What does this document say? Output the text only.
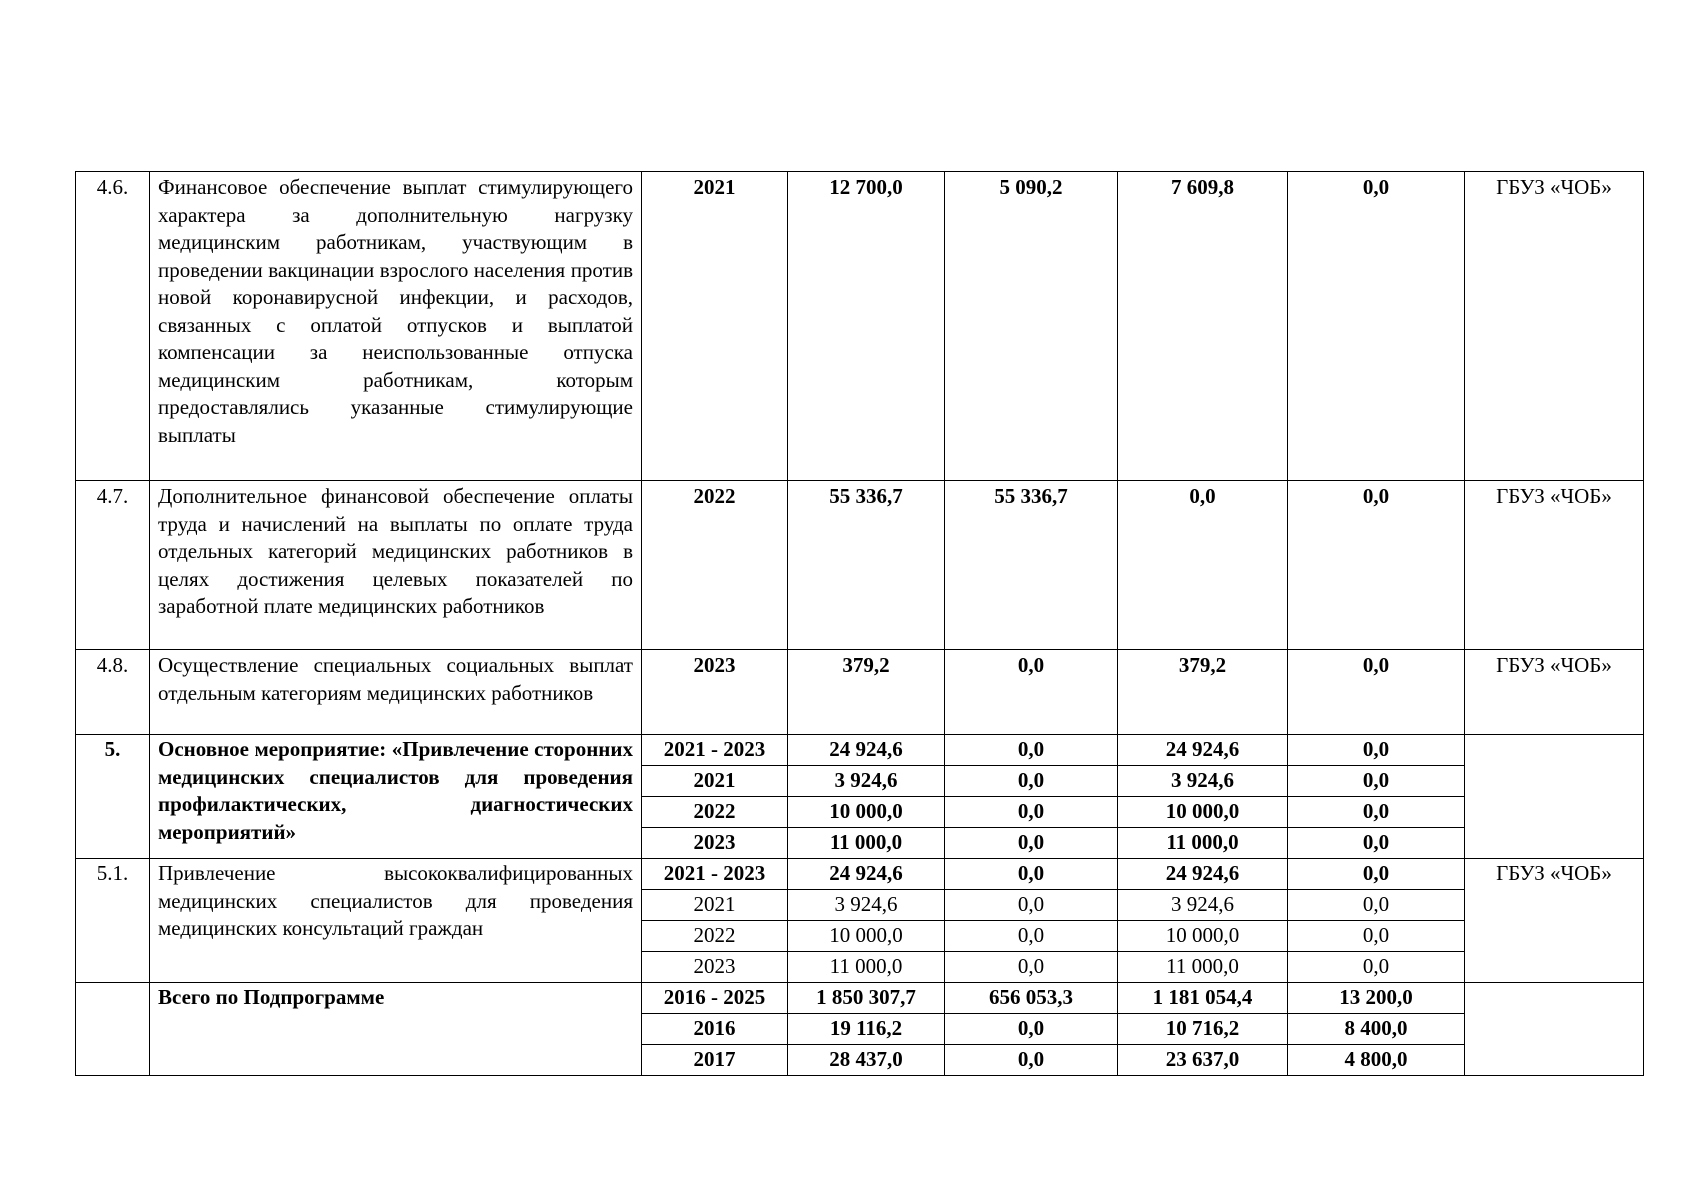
4.6.	Финансовое обеспечение выплат стимулирующего характера за дополнительную нагрузку медицинским работникам, участвующим в проведении вакцинации взрослого населения против новой коронавирусной инфекции, и расходов, связанных с оплатой отпусков и выплатой компенсации за неиспользованные отпуска медицинским работникам, которым предоставлялись указанные стимулирующие выплаты	2021	12 700,0	5 090,2	7 609,8	0,0	ГБУЗ «ЧОБ»
4.7.	Дополнительное финансовой обеспечение оплаты труда и начислений на выплаты по оплате труда отдельных категорий медицинских работников в целях достижения целевых показателей по заработной плате медицинских работников	2022	55 336,7	55 336,7	0,0	0,0	ГБУЗ «ЧОБ»
4.8.	Осуществление специальных социальных выплат отдельным категориям медицинских работников	2023	379,2	0,0	379,2	0,0	ГБУЗ «ЧОБ»
5.	Основное мероприятие: «Привлечение сторонних медицинских специалистов для проведения профилактических, диагностических мероприятий»	2021 - 2023	24 924,6	0,0	24 924,6	0,0	
		2021	3 924,6	0,0	3 924,6	0,0	
		2022	10 000,0	0,0	10 000,0	0,0	
		2023	11 000,0	0,0	11 000,0	0,0	
5.1.	Привлечение высококвалифицированных медицинских специалистов для проведения медицинских консультаций граждан	2021 - 2023	24 924,6	0,0	24 924,6	0,0	ГБУЗ «ЧОБ»
		2021	3 924,6	0,0	3 924,6	0,0	
		2022	10 000,0	0,0	10 000,0	0,0	
		2023	11 000,0	0,0	11 000,0	0,0	
	Всего по Подпрограмме	2016 - 2025	1 850 307,7	656 053,3	1 181 054,4	13 200,0	
		2016	19 116,2	0,0	10 716,2	8 400,0	
		2017	28 437,0	0,0	23 637,0	4 800,0	
